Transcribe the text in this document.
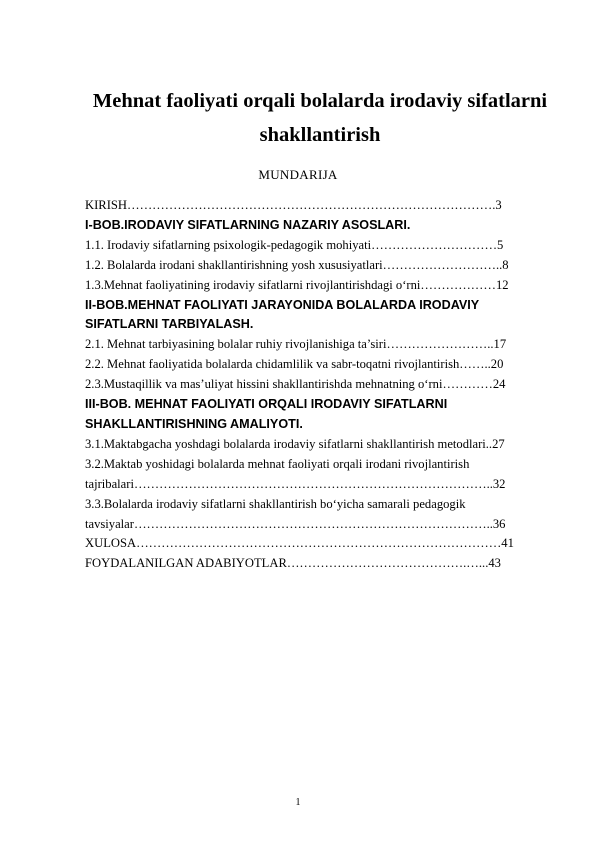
Mehnat faoliyati orqali bolalarda irodaviy sifatlarni shakllantirish
MUNDARIJA
KIRISH…………………………………………………………………………….3
I-BOB.IRODAVIY SIFATLARNING NAZARIY ASOSLARI.
1.1. Irodaviy sifatlarning psixologik-pedagogik mohiyati…………………………5
1.2. Bolalarda irodani shakllantirishning yosh xususiyatlari………………………..8
1.3.Mehnat faoliyatining irodaviy sifatlarni rivojlantirishdagi o‘rni………………12
II-BOB.MEHNAT FAOLIYATI JARAYONIDA BOLALARDA IRODAVIY
SIFATLARNI TARBIYALASH.
2.1. Mehnat tarbiyasining bolalar ruhiy rivojlanishiga ta’siri……………………..17
2.2. Mehnat faoliyatida bolalarda chidamlilik va sabr-toqatni rivojlantirish……..20
2.3.Mustaqillik va mas’uliyat hissini shakllantirishda mehnatning o‘rni…………24
III-BOB. MEHNAT FAOLIYATI ORQALI IRODAVIY SIFATLARNI
SHAKLLANTIRISHNING AMALIYOTI.
3.1.Maktabgacha yoshdagi bolalarda irodaviy sifatlarni shakllantirish metodlari..27
3.2.Maktab yoshidagi bolalarda mehnat faoliyati orqali irodani rivojlantirish
tajribalari…………………………………………………………………………..32
3.3.Bolalarda irodaviy sifatlarni shakllantirish bo‘yicha samarali pedagogik
tavsiyalar…………………………………………………………………………..36
XULOSA……………………………………………………………………………41
FOYDALANILGAN ADABIYOTLAR…………………………………….…...43
1
